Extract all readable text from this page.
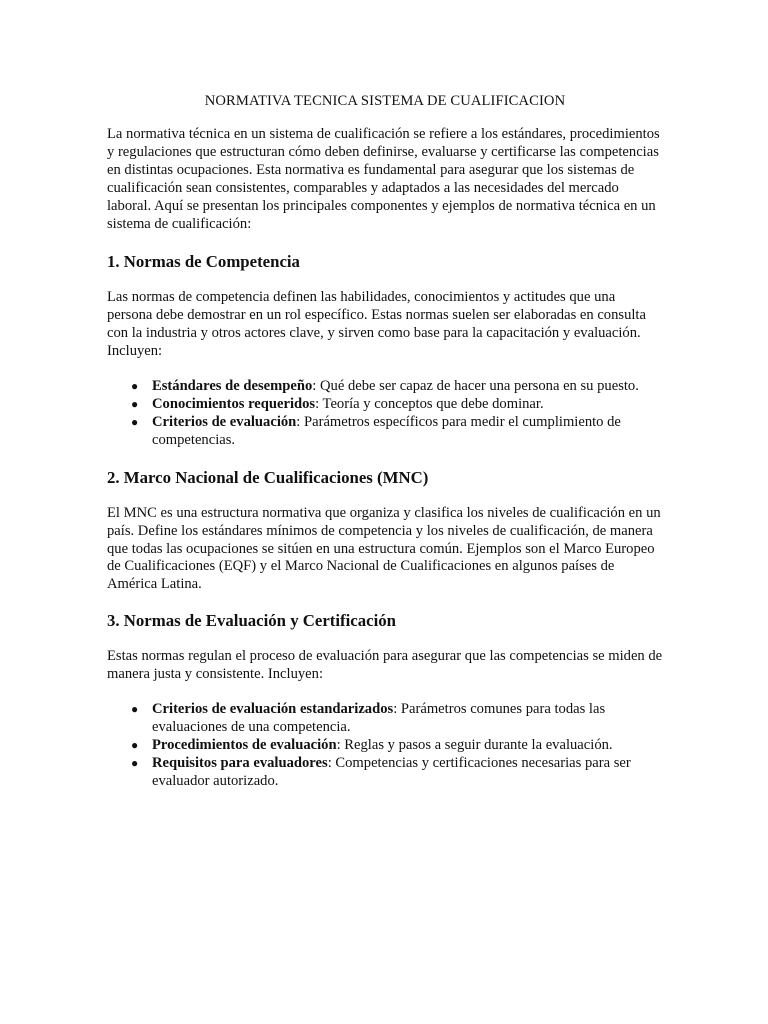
NORMATIVA TECNICA SISTEMA DE CUALIFICACION

La normativa técnica en un sistema de cualificación se refiere a los estándares, procedimientos y regulaciones que estructuran cómo deben definirse, evaluarse y certificarse las competencias en distintas ocupaciones. Esta normativa es fundamental para asegurar que los sistemas de cualificación sean consistentes, comparables y adaptados a las necesidades del mercado laboral. Aquí se presentan los principales componentes y ejemplos de normativa técnica en un sistema de cualificación:

1. Normas de Competencia

Las normas de competencia definen las habilidades, conocimientos y actitudes que una persona debe demostrar en un rol específico. Estas normas suelen ser elaboradas en consulta con la industria y otros actores clave, y sirven como base para la capacitación y evaluación. Incluyen:

● Estándares de desempeño: Qué debe ser capaz de hacer una persona en su puesto.
● Conocimientos requeridos: Teoría y conceptos que debe dominar.
● Criterios de evaluación: Parámetros específicos para medir el cumplimiento de competencias.
2. Marco Nacional de Cualificaciones (MNC)

El MNC es una estructura normativa que organiza y clasifica los niveles de cualificación en un país. Define los estándares mínimos de competencia y los niveles de cualificación, de manera que todas las ocupaciones se sitúen en una estructura común. Ejemplos son el Marco Europeo de Cualificaciones (EQF) y el Marco Nacional de Cualificaciones en algunos países de América Latina.

3. Normas de Evaluación y Certificación

Estas normas regulan el proceso de evaluación para asegurar que las competencias se miden de manera justa y consistente. Incluyen:

● Criterios de evaluación estandarizados: Parámetros comunes para todas las evaluaciones de una competencia.
● Procedimientos de evaluación: Reglas y pasos a seguir durante la evaluación.
● Requisitos para evaluadores: Competencias y certificaciones necesarias para ser evaluador autorizado.
